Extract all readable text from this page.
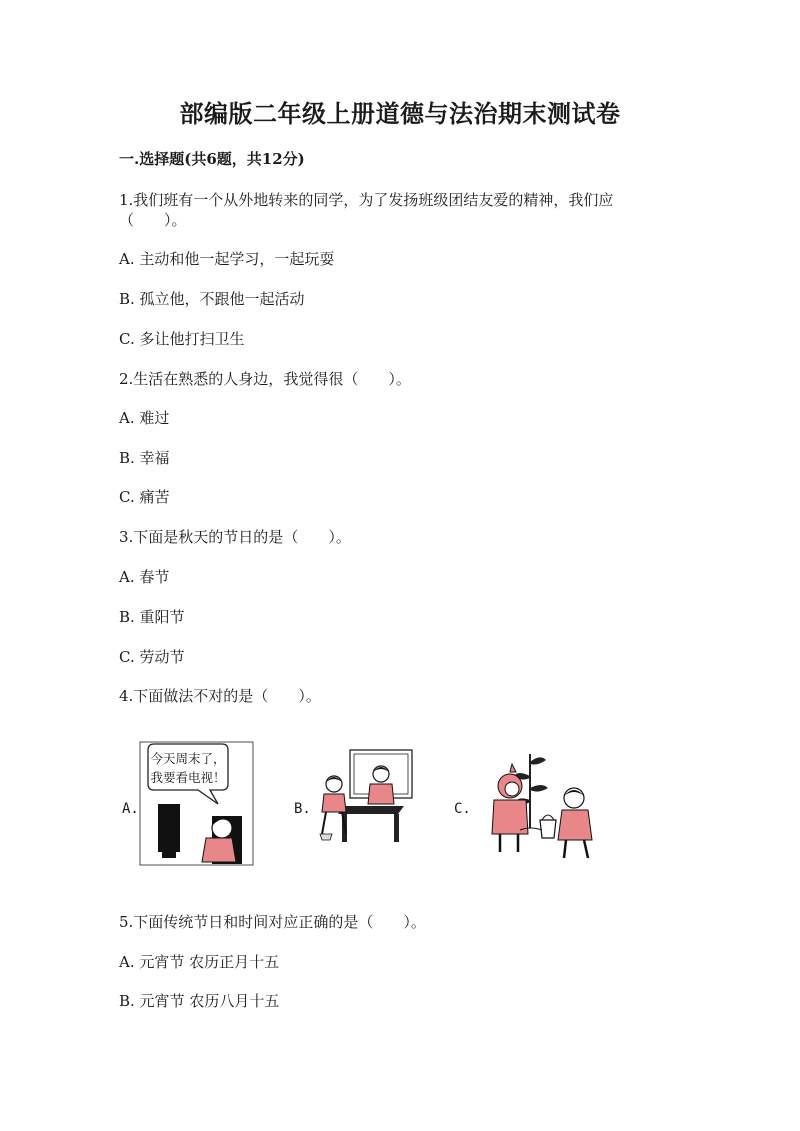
部编版二年级上册道德与法治期末测试卷
一.选择题(共6题，共12分)
1.我们班有一个从外地转来的同学，为了发扬班级团结友爱的精神，我们应
（　　）。
A. 主动和他一起学习，一起玩耍
B. 孤立他，不跟他一起活动
C. 多让他打扫卫生
2.生活在熟悉的人身边，我觉得很（　　）。
A. 难过
B. 幸福
C. 痛苦
3.下面是秋天的节日的是（　　）。
A. 春节
B. 重阳节
C. 劳动节
4.下面做法不对的是（　　）。
A.	B.	C.
今天周末了，
我要看电视！
5.下面传统节日和时间对应正确的是（　　）。
A. 元宵节 农历正月十五
B. 元宵节 农历八月十五
